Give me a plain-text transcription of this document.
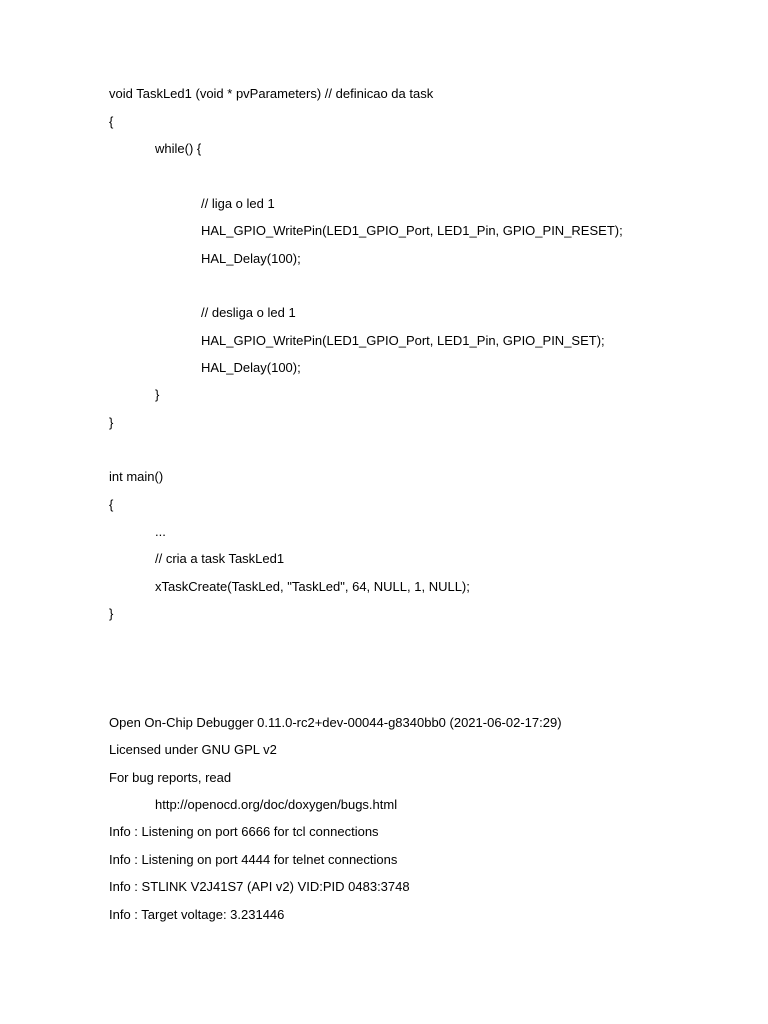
void TaskLed1 (void * pvParameters) // definicao da task
{
while() {
// liga o led 1
HAL_GPIO_WritePin(LED1_GPIO_Port, LED1_Pin, GPIO_PIN_RESET);
HAL_Delay(100);
// desliga o led 1
HAL_GPIO_WritePin(LED1_GPIO_Port, LED1_Pin, GPIO_PIN_SET);
HAL_Delay(100);
}
}
int main()
{
...
// cria a task TaskLed1
xTaskCreate(TaskLed, "TaskLed", 64, NULL, 1, NULL);
}
Open On-Chip Debugger 0.11.0-rc2+dev-00044-g8340bb0 (2021-06-02-17:29)
Licensed under GNU GPL v2
For bug reports, read
http://openocd.org/doc/doxygen/bugs.html
Info : Listening on port 6666 for tcl connections
Info : Listening on port 4444 for telnet connections
Info : STLINK V2J41S7 (API v2) VID:PID 0483:3748
Info : Target voltage: 3.231446
